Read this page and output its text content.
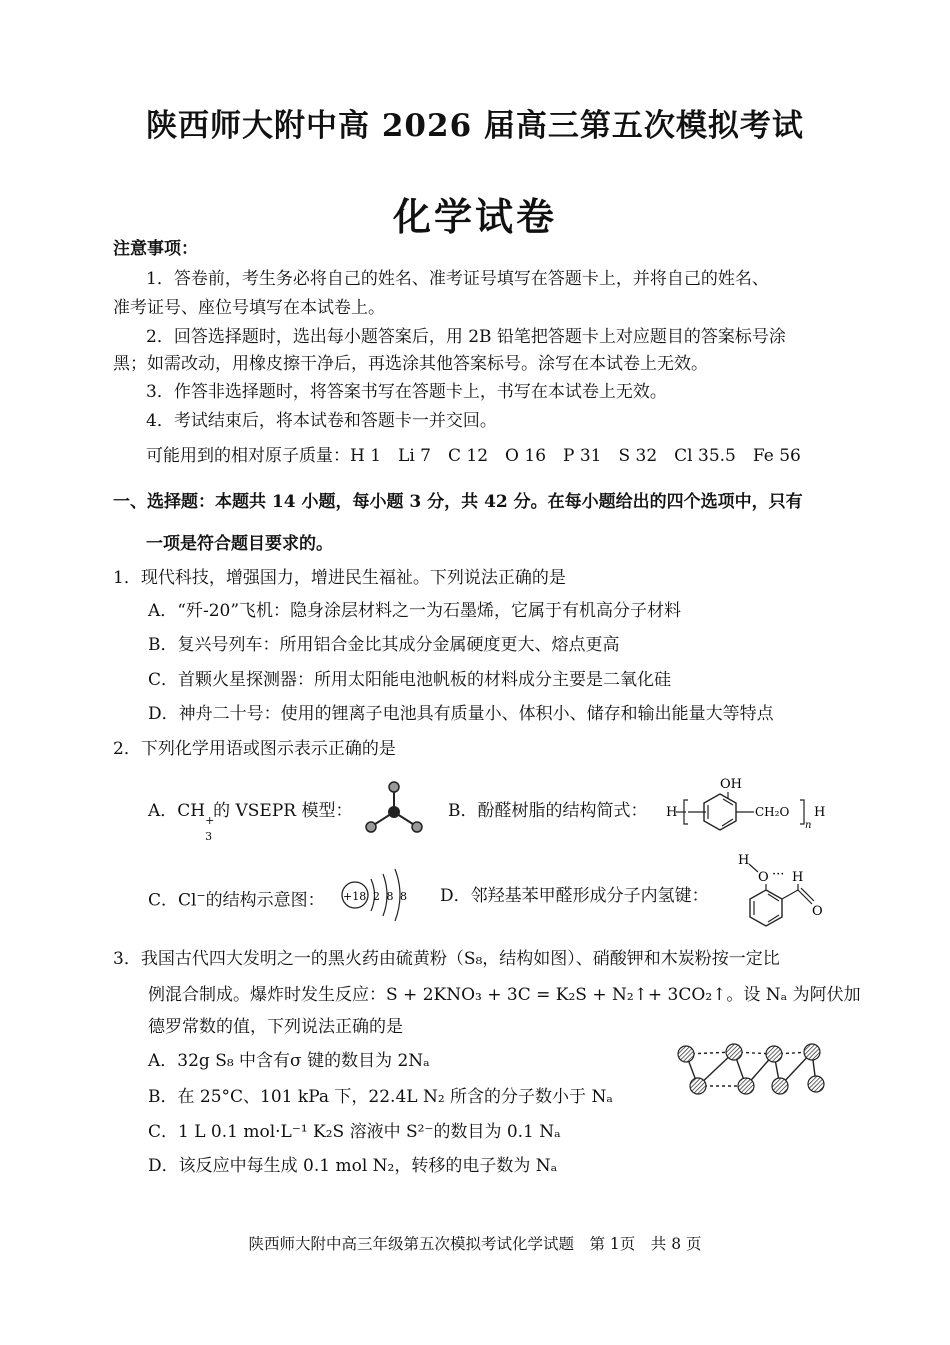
陕西师大附中高 2026 届高三第五次模拟考试
化学试卷
注意事项：
1．答卷前，考生务必将自己的姓名、准考证号填写在答题卡上，并将自己的姓名、
准考证号、座位号填写在本试卷上。
2．回答选择题时，选出每小题答案后，用 2B 铅笔把答题卡上对应题目的答案标号涂
黑；如需改动，用橡皮擦干净后，再选涂其他答案标号。涂写在本试卷上无效。
3．作答非选择题时，将答案书写在答题卡上，书写在本试卷上无效。
4．考试结束后，将本试卷和答题卡一并交回。
可能用到的相对原子质量：H 1　Li 7　C 12　O 16　P 31　S 32　Cl 35.5　Fe 56
一、选择题：本题共 14 小题，每小题 3 分，共 42 分。在每小题给出的四个选项中，只有
一项是符合题目要求的。
1．现代科技，增强国力，增进民生福祉。下列说法正确的是
A．“歼-20”飞机：隐身涂层材料之一为石墨烯，它属于有机高分子材料
B．复兴号列车：所用铝合金比其成分金属硬度更大、熔点更高
C．首颗火星探测器：所用太阳能电池帆板的材料成分主要是二氧化硅
D．神舟二十号：使用的锂离子电池具有质量小、体积小、储存和输出能量大等特点
2．下列化学用语或图示表示正确的是
A．CH +
3
的 VSEPR 模型：	B．酚醛树脂的结构简式：
OH
H	CH₂O
n
H
C．Cl−的结构示意图： +18 2 8 8 D．邻羟基苯甲醛形成分子内氢键：
H
O ··· H
O
3．我国古代四大发明之一的黑火药由硫黄粉（S₈，结构如图）、硝酸钾和木炭粉按一定比
例混合制成。爆炸时发生反应：S + 2KNO₃ + 3C = K₂S + N₂↑+ 3CO₂↑。设 Nₐ 为阿伏加
德罗常数的值，下列说法正确的是
A．32g S₈ 中含有σ 键的数目为 2Nₐ
B．在 25°C、101 kPa 下，22.4L N₂ 所含的分子数小于 Nₐ
C．1 L 0.1 mol·L⁻¹ K₂S 溶液中 S²⁻的数目为 0.1 Nₐ
D．该反应中每生成 0.1 mol N₂，转移的电子数为 Nₐ
陕西师大附中高三年级第五次模拟考试化学试题　第 1页　共 8 页
